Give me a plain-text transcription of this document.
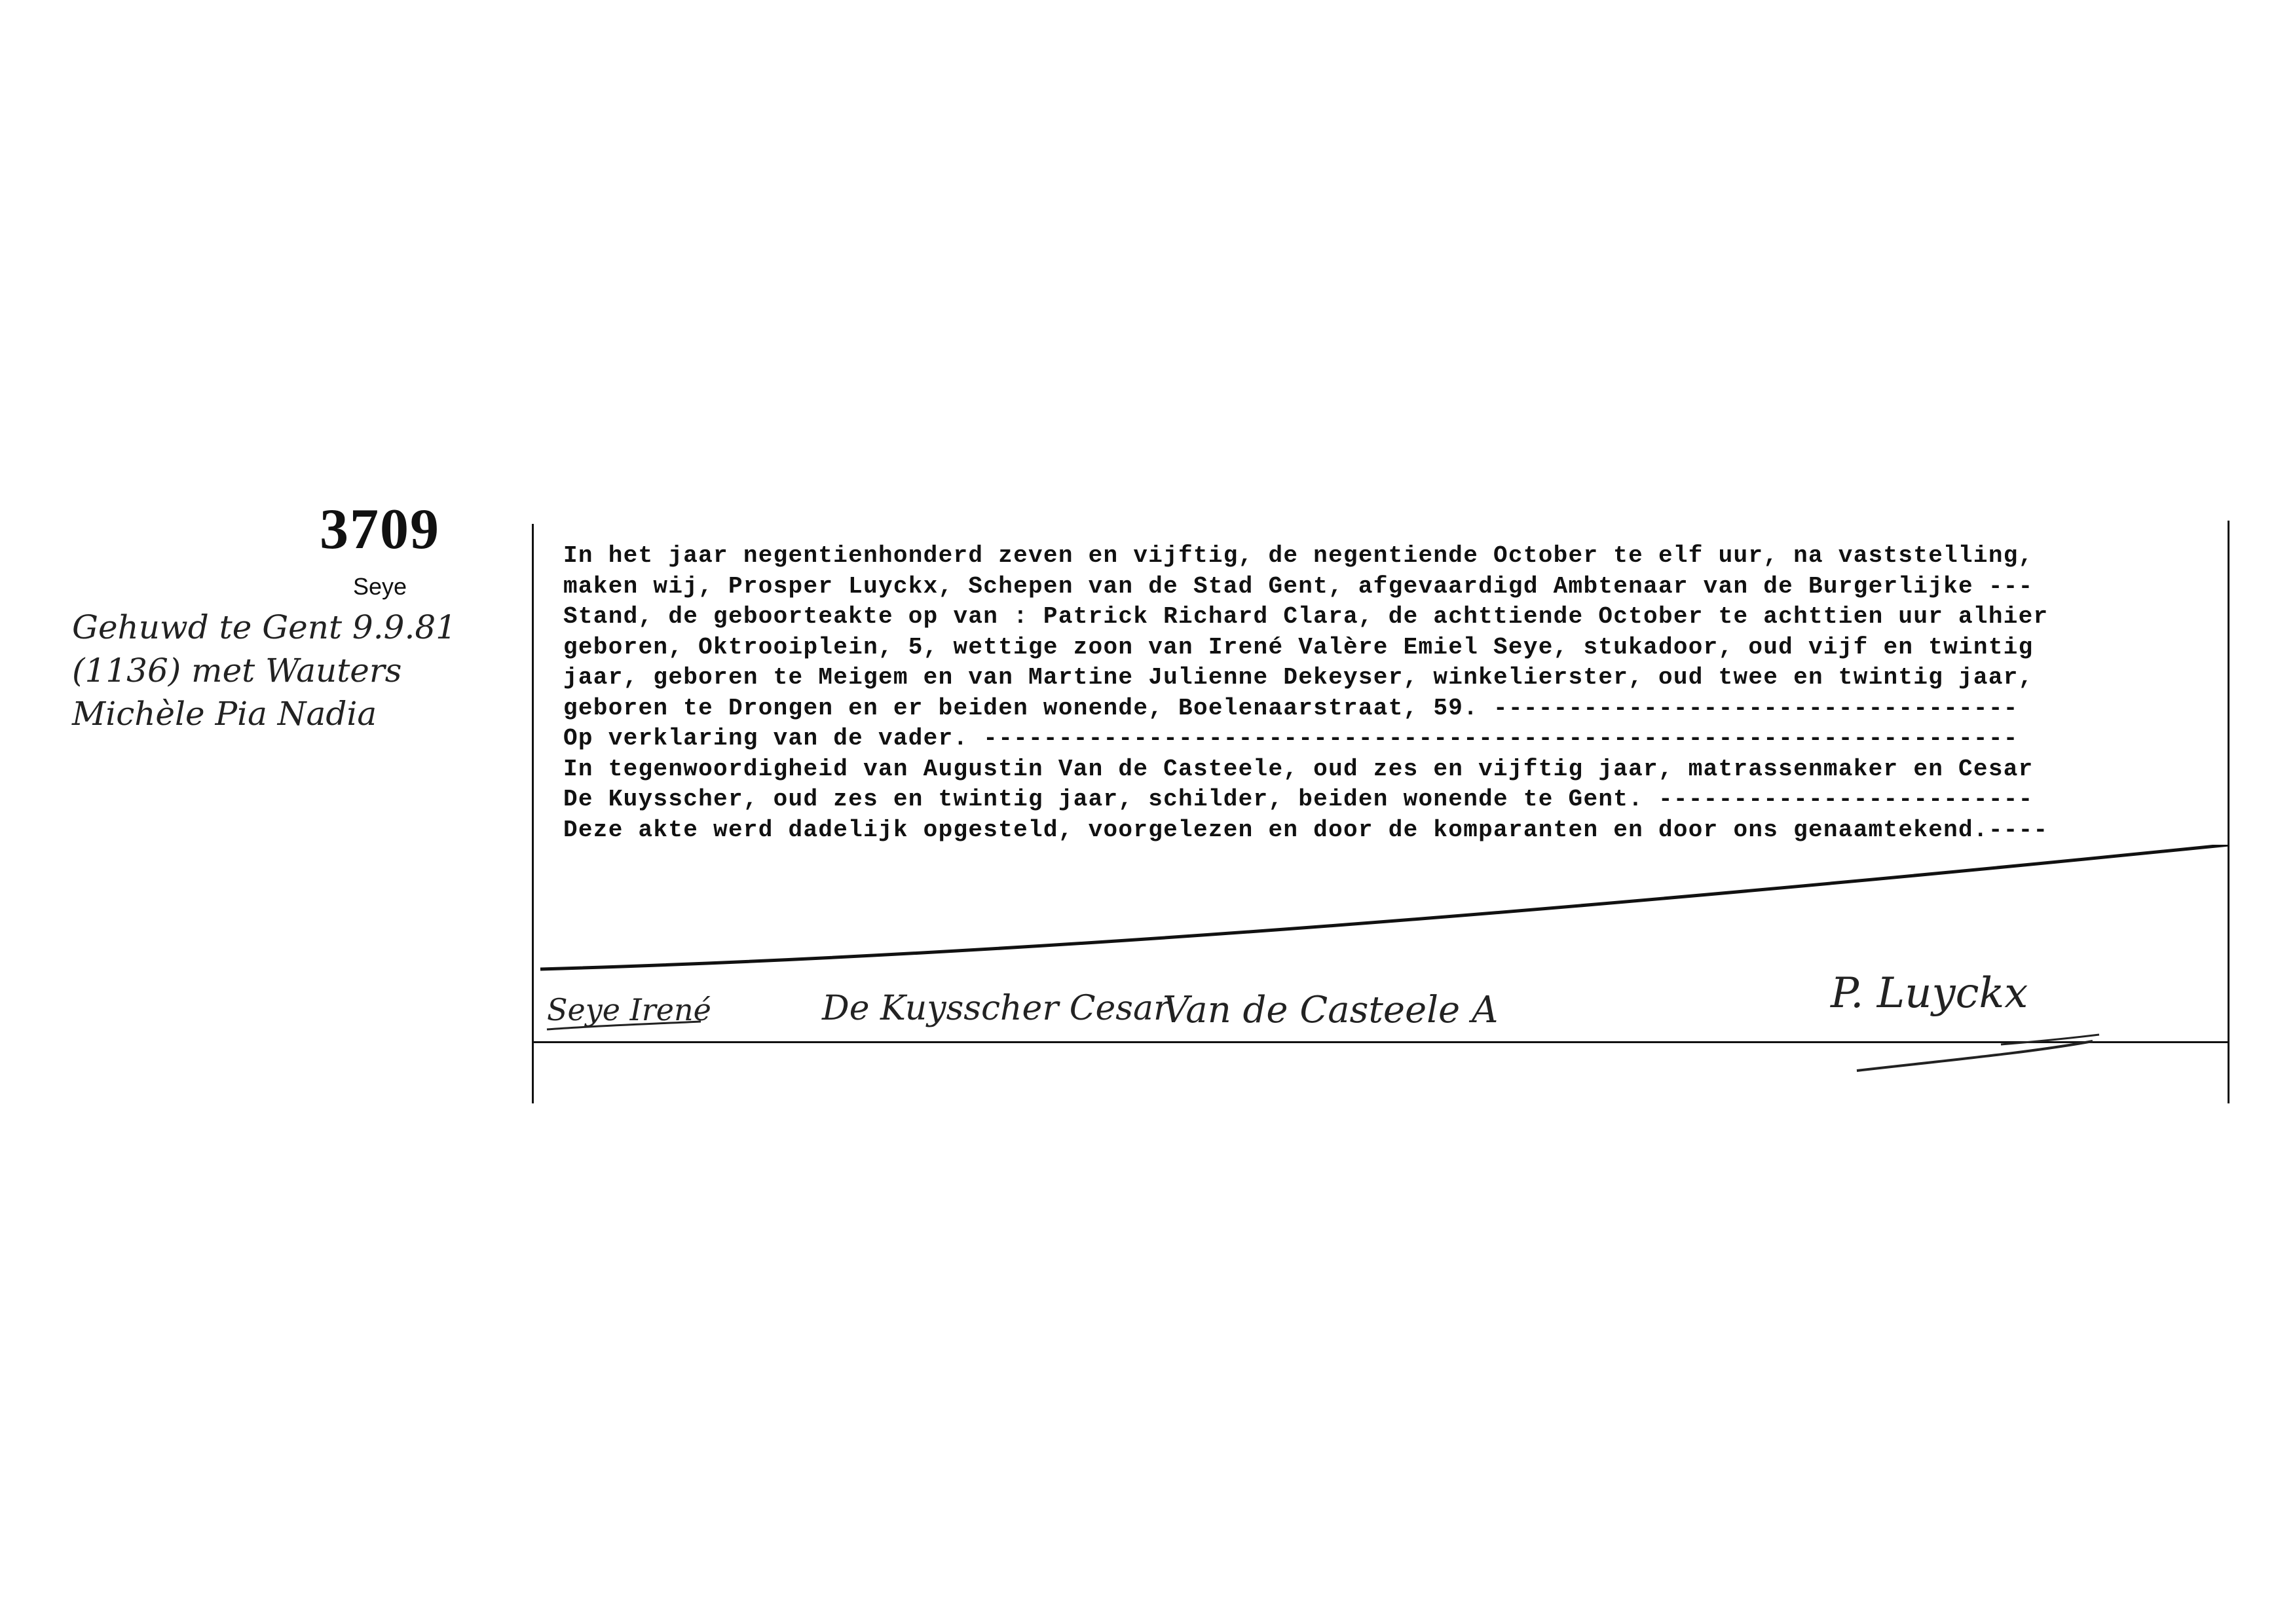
3709
Seye
Gehuwd te Gent 9.9.81
(1136) met Wauters
Michèle Pia Nadia
In het jaar negentienhonderd zeven en vijftig, de negentiende October te elf uur, na vaststelling,
maken wij, Prosper Luyckx, Schepen van de Stad Gent, afgevaardigd Ambtenaar van de Burgerlijke ---
Stand, de geboorteakte op van : Patrick Richard Clara, de achttiende October te achttien uur alhier
geboren, Oktrooiplein, 5, wettige zoon van Irené Valère Emiel Seye, stukadoor, oud vijf en twintig
jaar, geboren te Meigem en van Martine Julienne Dekeyser, winkelierster, oud twee en twintig jaar,
geboren te Drongen en er beiden wonende, Boelenaarstraat, 59. -----------------------------------
Op verklaring van de vader. ---------------------------------------------------------------------
In tegenwoordigheid van Augustin Van de Casteele, oud zes en vijftig jaar, matrassenmaker en Cesar
De Kuysscher, oud zes en twintig jaar, schilder, beiden wonende te Gent. -------------------------
Deze akte werd dadelijk opgesteld, voorgelezen en door de komparanten en door ons genaamtekend.----
Seye Irené	De Kuysscher Cesar
Van de Casteele A	P. Luyckx
